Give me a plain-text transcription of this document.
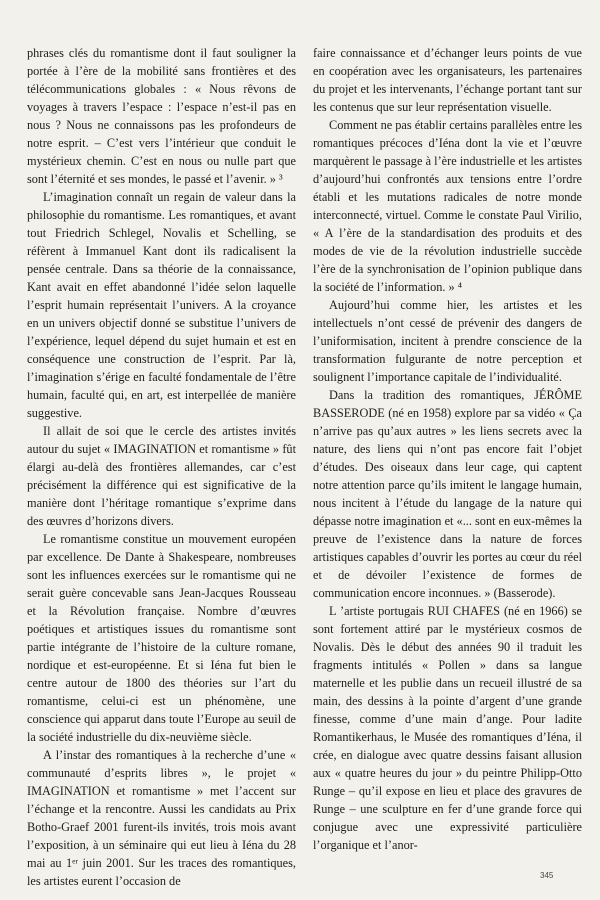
phrases clés du romantisme dont il faut souligner la portée à l’ère de la mobilité sans frontières et des télécommunications globales : « Nous rêvons de voyages à travers l’espace : l’espace n’est-il pas en nous ? Nous ne connaissons pas les profondeurs de notre esprit. – C’est vers l’intérieur que conduit le mystérieux chemin. C’est en nous ou nulle part que sont l’éternité et ses mondes, le passé et l’avenir. » ³

L’imagination connaît un regain de valeur dans la philosophie du romantisme. Les romantiques, et avant tout Friedrich Schlegel, Novalis et Schelling, se réfèrent à Immanuel Kant dont ils radicalisent la pensée centrale. Dans sa théorie de la connaissance, Kant avait en effet abandonné l’idée selon laquelle l’esprit humain représentait l’univers. A la croyance en un univers objectif donné se substitue l’univers de l’expérience, lequel dépend du sujet humain et est en conséquence une construction de l’esprit. Par là, l’imagination s’érige en faculté fondamentale de l’être humain, faculté qui, en art, est interpellée de manière suggestive.

Il allait de soi que le cercle des artistes invités autour du sujet « IMAGINATION et romantisme » fût élargi au-delà des frontières allemandes, car c’est précisément la différence qui est significative de la manière dont l’héritage romantique s’exprime dans des œuvres d’horizons divers.

Le romantisme constitue un mouvement européen par excellence. De Dante à Shakespeare, nombreuses sont les influences exercées sur le romantisme qui ne serait guère concevable sans Jean-Jacques Rousseau et la Révolution française. Nombre d’œuvres poétiques et artistiques issues du romantisme sont partie intégrante de l’histoire de la culture romane, nordique et est-européenne. Et si Iéna fut bien le centre autour de 1800 des théories sur l’art du romantisme, celui-ci est un phénomène, une conscience qui apparut dans toute l’Europe au seuil de la société industrielle du dix-neuvième siècle.

A l’instar des romantiques à la recherche d’une « communauté d’esprits libres », le projet « IMAGINATION et romantisme » met l’accent sur l’échange et la rencontre. Aussi les candidats au Prix Botho-Graef 2001 furent-ils invités, trois mois avant l’exposition, à un séminaire qui eut lieu à Iéna du 28 mai au 1ᵉʳ juin 2001. Sur les traces des romantiques, les artistes eurent l’occasion de

faire connaissance et d’échanger leurs points de vue en coopération avec les organisateurs, les partenaires du projet et les intervenants, l’échange portant tant sur les contenus que sur leur représentation visuelle.

Comment ne pas établir certains parallèles entre les romantiques précoces d’Iéna dont la vie et l’œuvre marquèrent le passage à l’ère industrielle et les artistes d’aujourd’hui confrontés aux tensions entre l’ordre établi et les mutations radicales de notre monde interconnecté, virtuel. Comme le constate Paul Virilio, « A l’ère de la standardisation des produits et des modes de vie de la révolution industrielle succède l’ère de la synchronisation de l’opinion publique dans la société de l’information. » ⁴

Aujourd’hui comme hier, les artistes et les intellectuels n’ont cessé de prévenir des dangers de l’uniformisation, incitent à prendre conscience de la transformation fulgurante de notre perception et soulignent l’importance capitale de l’individualité.

Dans la tradition des romantiques, JÉRÔME BASSERODE (né en 1958) explore par sa vidéo « Ça n’arrive pas qu’aux autres » les liens secrets avec la nature, des liens qui n’ont pas encore fait l’objet d’études. Des oiseaux dans leur cage, qui captent notre attention parce qu’ils imitent le langage humain, nous incitent à l’étude du langage de la nature qui dépasse notre imagination et «... sont en eux-mêmes la preuve de l’existence dans la nature de forces artistiques capables d’ouvrir les portes au cœur du réel et de dévoiler l’existence de formes de communication encore inconnues. » (Basserode).

L ’artiste portugais RUI CHAFES (né en 1966) se sont fortement attiré par le mystérieux cosmos de Novalis. Dès le début des années 90 il traduit les fragments intitulés « Pollen » dans sa langue maternelle et les publie dans un recueil illustré de sa main, des dessins à la pointe d’argent d’une grande finesse, comme d’une main d’ange. Pour ladite Romantikerhaus, le Musée des romantiques d’Iéna, il crée, en dialogue avec quatre dessins faisant allusion aux « quatre heures du jour » du peintre Philipp-Otto Runge – qu’il expose en lieu et place des gravures de Runge – une sculpture en fer d’une grande force qui conjugue avec une expressivité particulière l’organique et l’anor-

345
